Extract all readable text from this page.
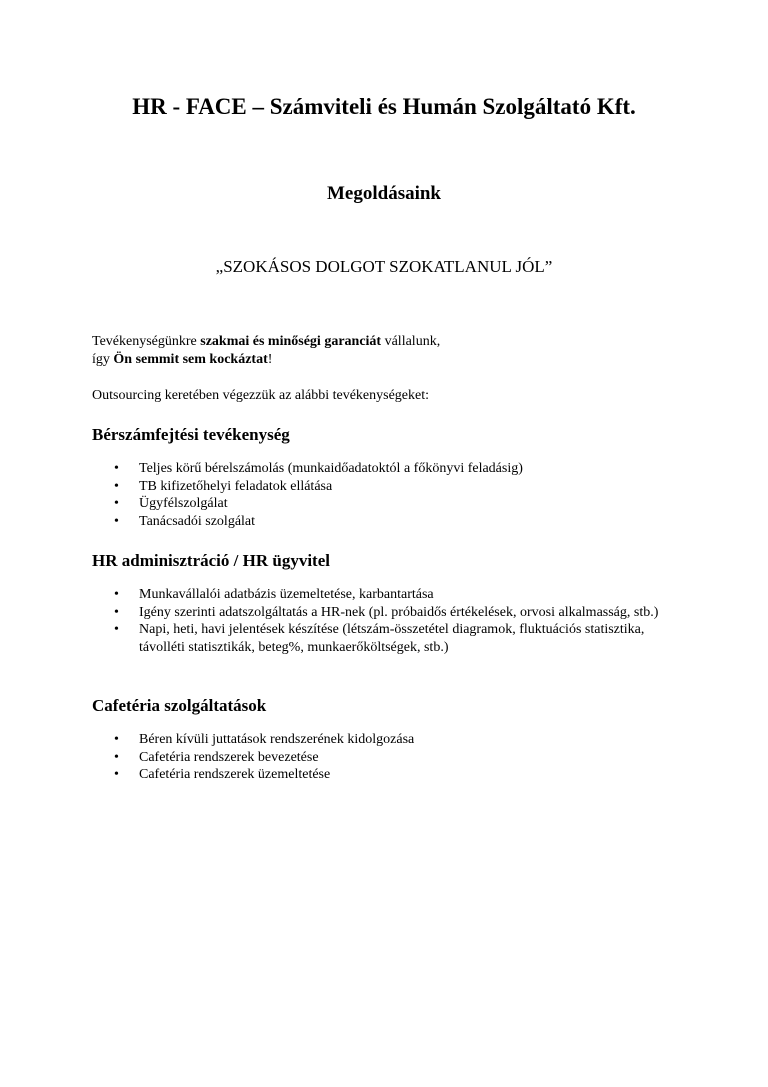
HR - FACE – Számviteli és Humán Szolgáltató Kft.
Megoldásaink

„SZOKÁSOS DOLGOT SZOKATLANUL JÓL”

Tevékenységünkre szakmai és minőségi garanciát vállalunk,
így Ön semmit sem kockáztat!

Outsourcing keretében végezzük az alábbi tevékenységeket:

Bérszámfejtési tevékenység
• Teljes körű bérelszámolás (munkaidőadatoktól a főkönyvi feladásig)
• TB kifizetőhelyi feladatok ellátása
• Ügyfélszolgálat
• Tanácsadói szolgálat
HR adminisztráció / HR ügyvitel
• Munkavállalói adatbázis üzemeltetése, karbantartása
• Igény szerinti adatszolgáltatás a HR-nek (pl. próbaidős értékelések, orvosi alkalmasság, stb.)
• Napi, heti, havi jelentések készítése (létszám-összetétel diagramok, fluktuációs statisztika, távolléti statisztikák, beteg%, munkaerőköltségek, stb.)
Cafetéria szolgáltatások
• Béren kívüli juttatások rendszerének kidolgozása
• Cafetéria rendszerek bevezetése
• Cafetéria rendszerek üzemeltetése
